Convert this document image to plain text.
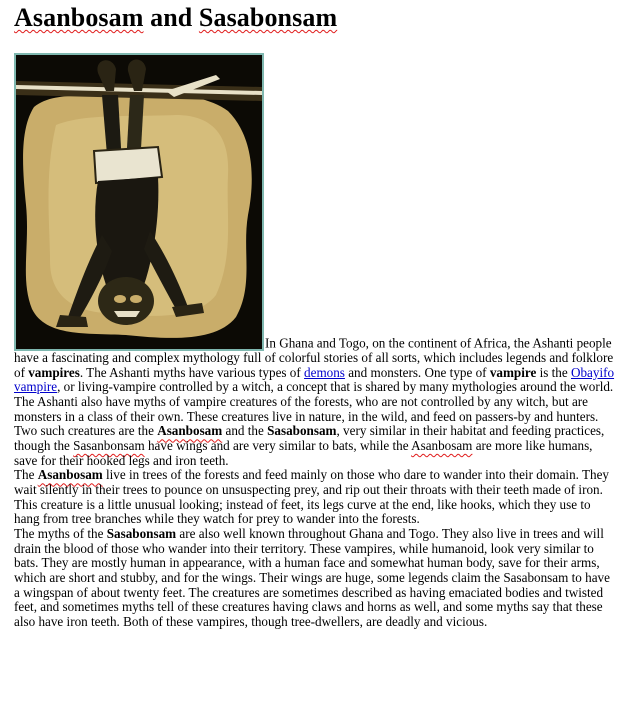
Asanbosam and Sasabonsam

In Ghana and Togo, on the continent of Africa, the Ashanti people have a fascinating and complex mythology full of colorful stories of all sorts, which includes legends and folklore of vampires. The Ashanti myths have various types of demons and monsters. One type of vampire is the Obayifo vampire, or living-vampire controlled by a witch, a concept that is shared by many mythologies around the world.

The Ashanti also have myths of vampire creatures of the forests, who are not controlled by any witch, but are monsters in a class of their own. These creatures live in nature, in the wild, and feed on passers-by and hunters. Two such creatures are the Asanbosam and the Sasabonsam, very similar in their habitat and feeding practices, though the Sasanbonsam have wings and are very similar to bats, while the Asanbosam are more like humans, save for their hooked legs and iron teeth.

The Asanbosam live in trees of the forests and feed mainly on those who dare to wander into their domain. They wait silently in their trees to pounce on unsuspecting prey, and rip out their throats with their teeth made of iron. This creature is a little unusual looking; instead of feet, its legs curve at the end, like hooks, which they use to hang from tree branches while they watch for prey to wander into the forests.

The myths of the Sasabonsam are also well known throughout Ghana and Togo. They also live in trees and will drain the blood of those who wander into their territory. These vampires, while humanoid, look very similar to bats. They are mostly human in appearance, with a human face and somewhat human body, save for their arms, which are short and stubby, and for the wings. Their wings are huge, some legends claim the Sasabonsam to have a wingspan of about twenty feet. The creatures are sometimes described as having emaciated bodies and twisted feet, and sometimes myths tell of these creatures having claws and horns as well, and some myths say that these also have iron teeth. Both of these vampires, though tree-dwellers, are deadly and vicious.
